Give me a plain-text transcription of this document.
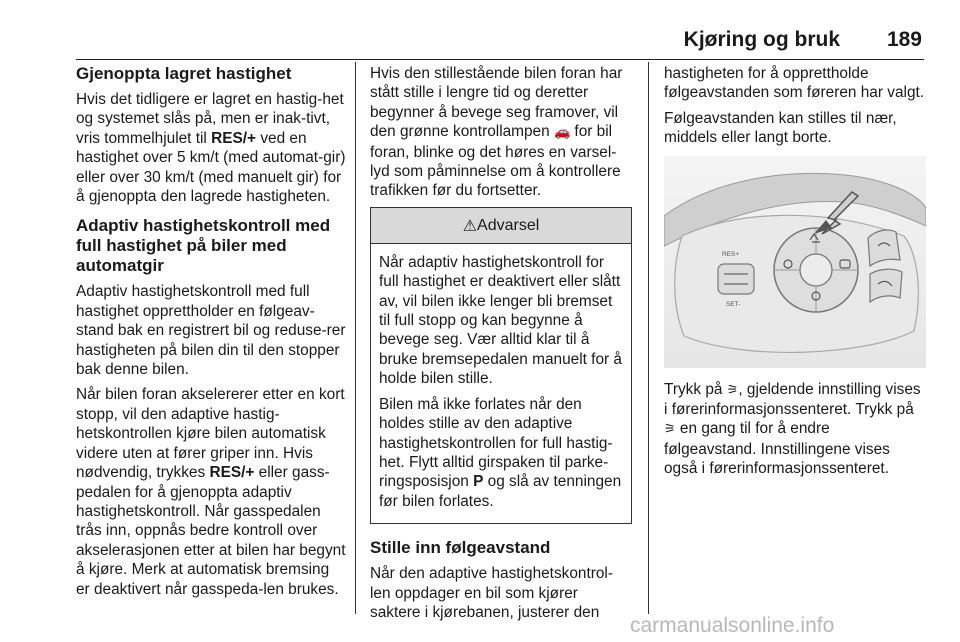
Kjøring og bruk 189
Gjenoppta lagret hastighet

Hvis det tidligere er lagret en hastig-het og systemet slås på, men er inak-tivt, vris tommelhjulet til RES/+ ved en hastighet over 5 km/t (med automat-gir) eller over 30 km/t (med manuelt gir) for å gjenoppta den lagrede hastigheten.

Adaptiv hastighetskontroll med full hastighet på biler med automatgir

Adaptiv hastighetskontroll med full hastighet opprettholder en følgeav-stand bak en registrert bil og reduse-rer hastigheten på bilen din til den stopper bak denne bilen.

Når bilen foran akselererer etter en kort stopp, vil den adaptive hastig-hetskontrollen kjøre bilen automatisk videre uten at fører griper inn. Hvis nødvendig, trykkes RES/+ eller gass-pedalen for å gjenoppta adaptiv hastighetskontroll. Når gasspedalen trås inn, oppnås bedre kontroll over akselerasjonen etter at bilen har begynt å kjøre. Merk at automatisk bremsing er deaktivert når gasspeda-len brukes.

Hvis den stillestående bilen foran har stått stille i lengre tid og deretter begynner å bevege seg framover, vil den grønne kontrollampen 🚗 for bil foran, blinke og det høres en varsel-lyd som påminnelse om å kontrollere trafikken før du fortsetter.

⚠ Advarsel

Når adaptiv hastighetskontroll for full hastighet er deaktivert eller slått av, vil bilen ikke lenger bli bremset til full stopp og kan begynne å bevege seg. Vær alltid klar til å bruke bremsepedalen manuelt for å holde bilen stille.

Bilen må ikke forlates når den holdes stille av den adaptive hastighetskontrollen for full hastig-het. Flytt alltid girspaken til parke-ringsposisjon P og slå av tenningen før bilen forlates.

Stille inn følgeavstand

Når den adaptive hastighetskontrol-len oppdager en bil som kjører saktere i kjørebanen, justerer den

hastigheten for å opprettholde følgeavstanden som føreren har valgt.

Følgeavstanden kan stilles til nær, middels eller langt borte.

RES+
SET-

Trykk på ⚞, gjeldende innstilling vises i førerinformasjonssenteret. Trykk på ⚞ en gang til for å endre følgeavstand. Innstillingene vises også i førerinformasjonssenteret.

carmanualsonline.info
